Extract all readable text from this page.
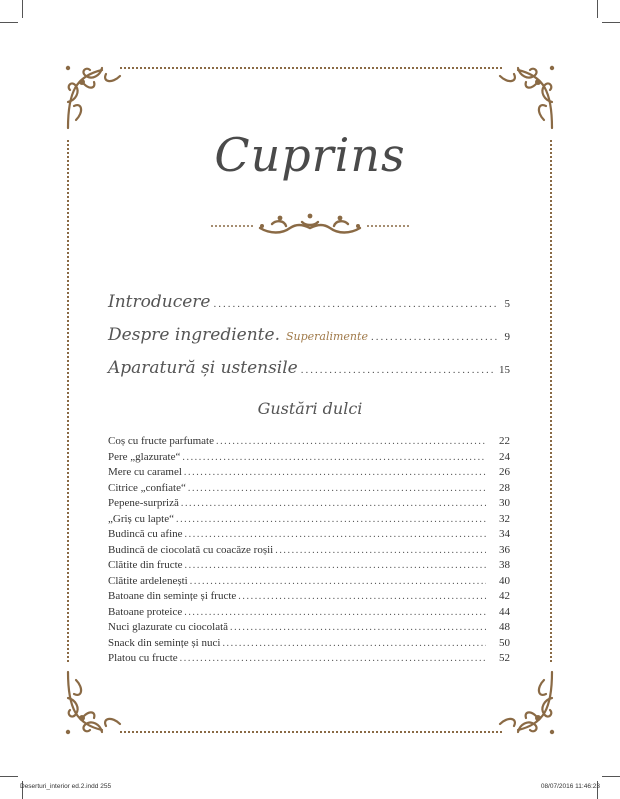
Cuprins
Introducere .....	5
Despre ingrediente. Superalimente .....	9
Aparatură și ustensile .....	15
Gustări dulci
Coș cu fructe parfumate .....	22
Pere „glazurate“ .....	24
Mere cu caramel .....	26
Citrice „confiate“ .....	28
Pepene-surpriză .....	30
„Griș cu lapte“ .....	32
Budincă cu afine .....	34
Budincă de ciocolată cu coacăze roșii .....	36
Clătite din fructe .....	38
Clătite ardelenești .....	40
Batoane din semințe și fructe .....	42
Batoane proteice .....	44
Nuci glazurate cu ciocolată .....	48
Snack din semințe și nuci .....	50
Platou cu fructe .....	52
Deserturi_interior ed.2.indd 255	08/07/2016 11:46:23
